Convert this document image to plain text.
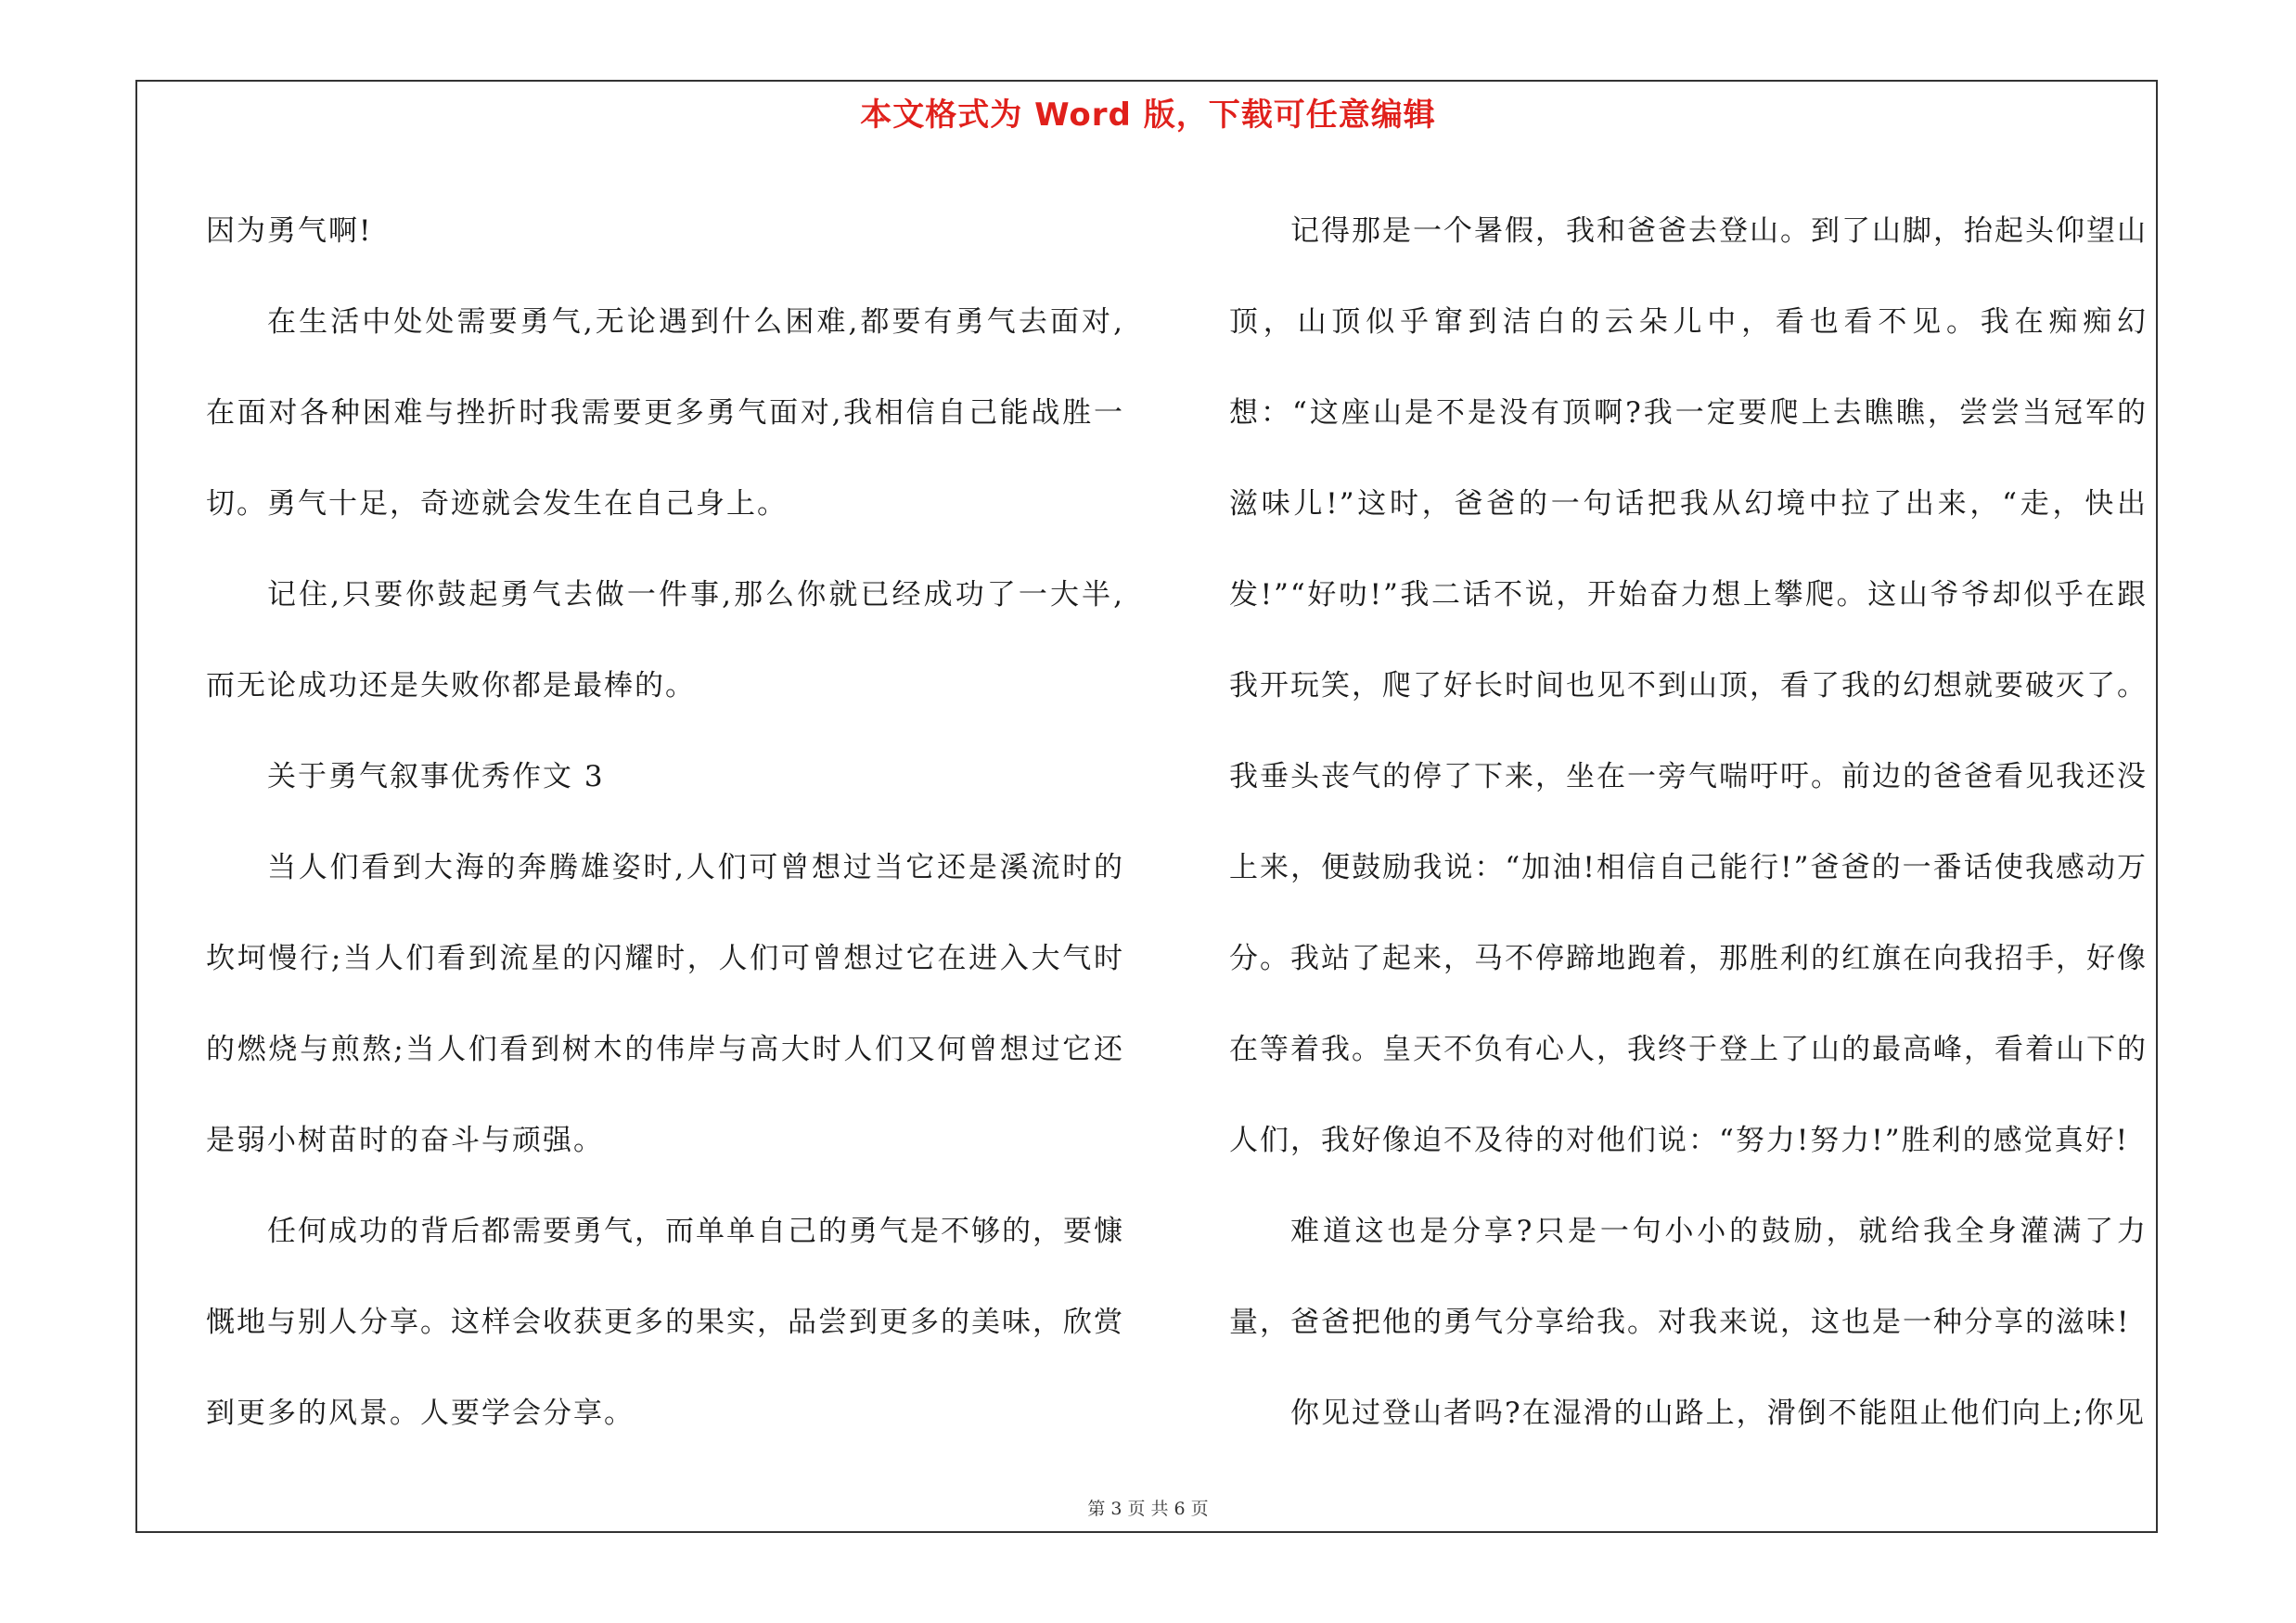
本文格式为 Word 版，下载可任意编辑

因为勇气啊!

在生活中处处需要勇气,无论遇到什么困难,都要有勇气去面对,在面对各种困难与挫折时我需要更多勇气面对,我相信自己能战胜一切。勇气十足，奇迹就会发生在自己身上。

记住,只要你鼓起勇气去做一件事,那么你就已经成功了一大半,而无论成功还是失败你都是最棒的。

关于勇气叙事优秀作文 3

当人们看到大海的奔腾雄姿时,人们可曾想过当它还是溪流时的坎坷慢行;当人们看到流星的闪耀时，人们可曾想过它在进入大气时的燃烧与煎熬;当人们看到树木的伟岸与高大时人们又何曾想过它还是弱小树苗时的奋斗与顽强。

任何成功的背后都需要勇气，而单单自己的勇气是不够的，要慷慨地与别人分享。这样会收获更多的果实，品尝到更多的美味，欣赏到更多的风景。人要学会分享。

记得那是一个暑假，我和爸爸去登山。到了山脚，抬起头仰望山顶，山顶似乎窜到洁白的云朵儿中，看也看不见。我在痴痴幻想：“这座山是不是没有顶啊?我一定要爬上去瞧瞧，尝尝当冠军的滋味儿!”这时，爸爸的一句话把我从幻境中拉了出来，“走，快出发!”“好叻!”我二话不说，开始奋力想上攀爬。这山爷爷却似乎在跟我开玩笑，爬了好长时间也见不到山顶，看了我的幻想就要破灭了。我垂头丧气的停了下来，坐在一旁气喘吁吁。前边的爸爸看见我还没上来，便鼓励我说：“加油!相信自己能行!”爸爸的一番话使我感动万分。我站了起来，马不停蹄地跑着，那胜利的红旗在向我招手，好像在等着我。皇天不负有心人，我终于登上了山的最高峰，看着山下的人们，我好像迫不及待的对他们说：“努力!努力!”胜利的感觉真好!

难道这也是分享?只是一句小小的鼓励，就给我全身灌满了力量，爸爸把他的勇气分享给我。对我来说，这也是一种分享的滋味!

你见过登山者吗?在湿滑的山路上，滑倒不能阻止他们向上;你见

第 3 页 共 6 页
